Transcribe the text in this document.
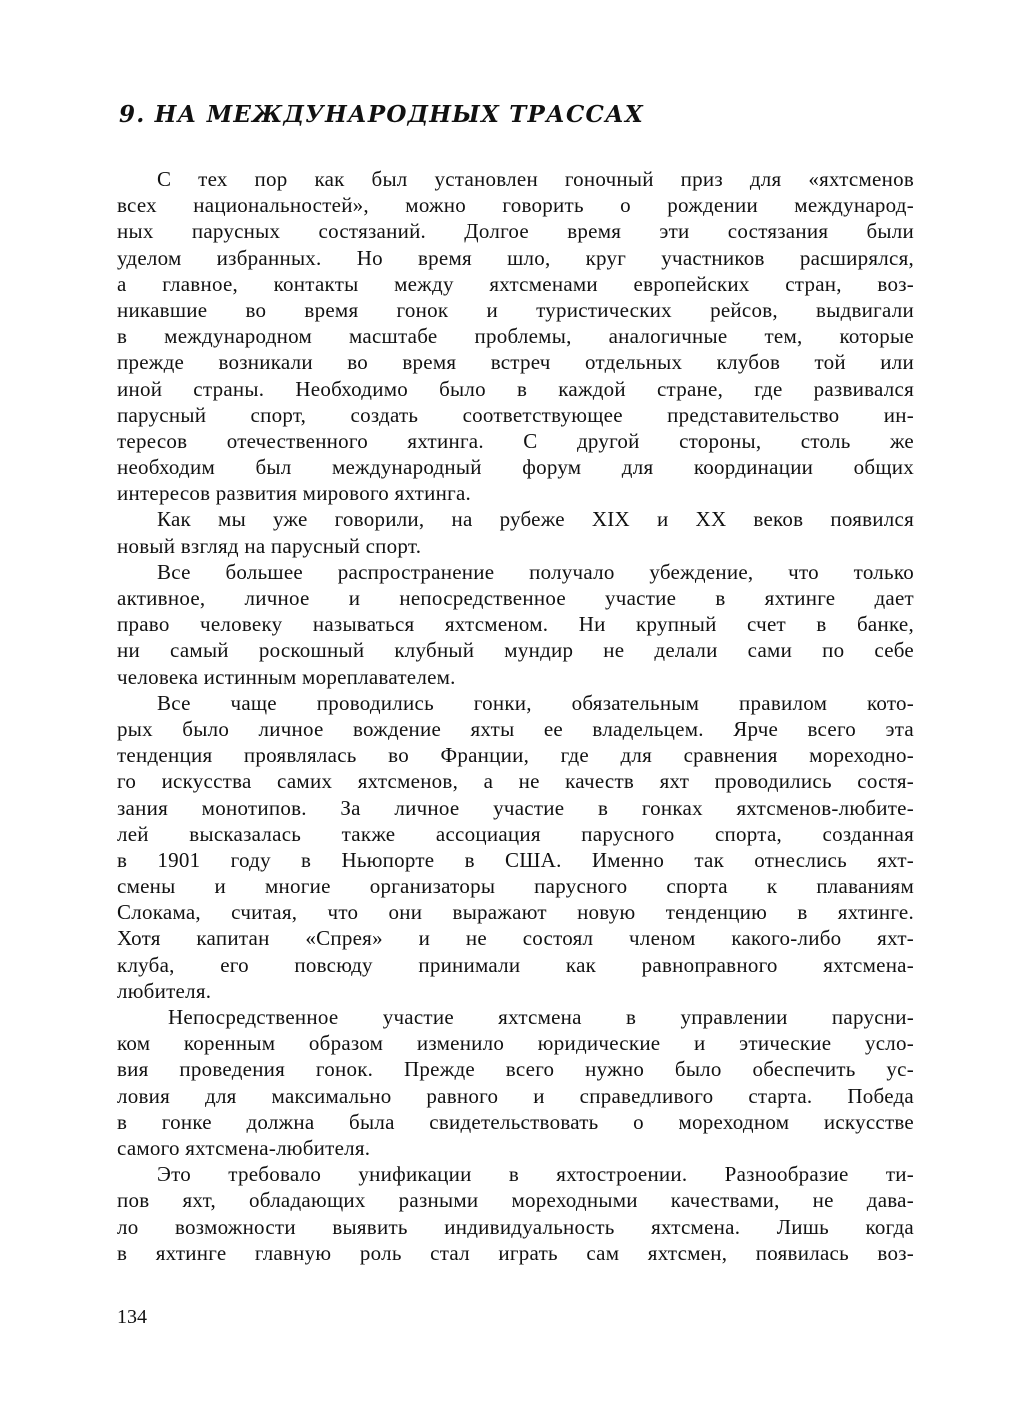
9. НА МЕЖДУНАРОДНЫХ ТРАССАХ
С тех пор как был установлен гоночный приз для «яхтсменов
всех национальностей», можно говорить о рождении международ-
ных парусных состязаний. Долгое время эти состязания были
уделом избранных. Но время шло, круг участников расширялся,
а главное, контакты между яхтсменами европейских стран, воз-
никавшие во время гонок и туристических рейсов, выдвигали
в международном масштабе проблемы, аналогичные тем, которые
прежде возникали во время встреч отдельных клубов той или
иной страны. Необходимо было в каждой стране, где развивался
парусный спорт, создать соответствующее представительство ин-
тересов отечественного яхтинга. С другой стороны, столь же
необходим был международный форум для координации общих
интересов развития мирового яхтинга.
Как мы уже говорили, на рубеже XIX и XX веков появился
новый взгляд на парусный спорт.
Все большее распространение получало убеждение, что только
активное, личное и непосредственное участие в яхтинге дает
право человеку называться яхтсменом. Ни крупный счет в банке,
ни самый роскошный клубный мундир не делали сами по себе
человека истинным мореплавателем.
Все чаще проводились гонки, обязательным правилом кото-
рых было личное вождение яхты ее владельцем. Ярче всего эта
тенденция проявлялась во Франции, где для сравнения мореходно-
го искусства самих яхтсменов, а не качеств яхт проводились состя-
зания монотипов. За личное участие в гонках яхтсменов-любите-
лей высказалась также ассоциация парусного спорта, созданная
в 1901 году в Ньюпорте в США. Именно так отнеслись яхт-
смены и многие организаторы парусного спорта к плаваниям
Слокама, считая, что они выражают новую тенденцию в яхтинге.
Хотя капитан «Спрея» и не состоял членом какого-либо яхт-
клуба, его повсюду принимали как равноправного яхтсмена-
любителя.
Непосредственное участие яхтсмена в управлении парусни-
ком коренным образом изменило юридические и этические усло-
вия проведения гонок. Прежде всего нужно было обеспечить ус-
ловия для максимально равного и справедливого старта. Победа
в гонке должна была свидетельствовать о мореходном искусстве
самого яхтсмена-любителя.
Это требовало унификации в яхтостроении. Разнообразие ти-
пов яхт, обладающих разными мореходными качествами, не дава-
ло возможности выявить индивидуальность яхтсмена. Лишь когда
в яхтинге главную роль стал играть сам яхтсмен, появилась воз-
134
